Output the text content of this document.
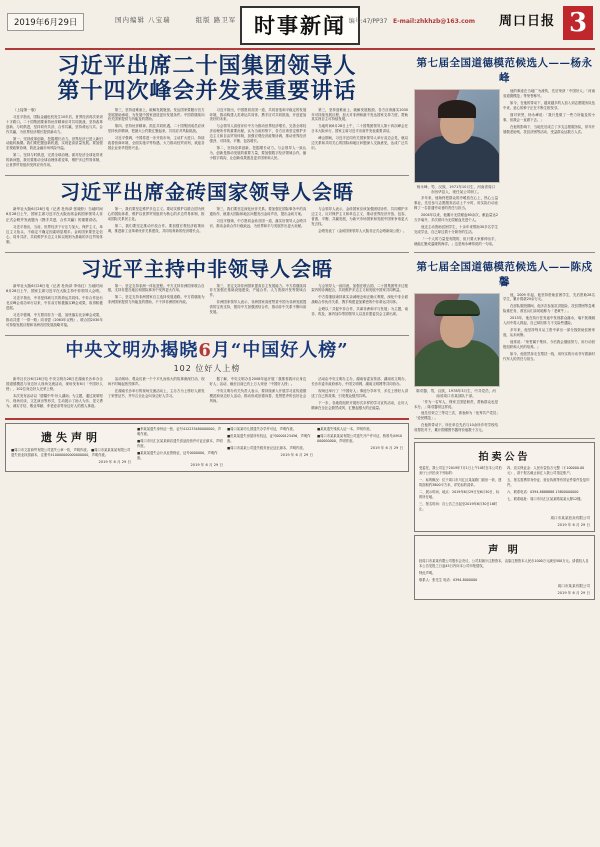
2019年6月29日	国内编辑 八宝瑞	组版 路卫军 时事新闻 编号:47/PP37 E-mail:zhkhzb@163.com 周口日报 3
习近平出席二十国集团领导人
第十四次峰会并发表重要讲话

（上接第一版）

习近平指出，国际金融危机发生10年后，世界经济再次来到十字路口。二十国集团要秉持伙伴精神应对共同挑战，坚持改革创新、与时俱进，坚持同舟共济、合作共赢，坚持命运与共、合作共赢，为世界经济增长提供新动力。

第一，坚持改革创新，挖掘增长动力。世界经济已进入新旧动能转换期。我们要把握创新机遇，实现更高质量发展。要加强宏观政策协调，防范金融市场风险外溢。

第二，坚持与时俱进，完善全球治理。面对经济全球化带来的新问题，我们要推动全球治理体系变革，维护多边贸易体制，让世界贸易组织发挥应有作用。

第三，坚持迎难而上，破解发展瓶颈。发达国家要履行官方发展援助承诺，为发展中国家创造更好发展条件。中国将继续向有关国家提供力所能及的帮助。

第四，坚持伙伴精神，抓住共同机遇。二十国集团成员应该坚持伙伴精神，把最大公约数汇聚起来，共同应对风险挑战。

习近平强调，中国将进一步开放市场、主动扩大进口、持续改善营商环境、全面实施平等待遇、大力推动经贸谈判，欢迎各国企业来华投资兴业。

习近平指出，中国愿同各国一道，共同营造和平稳定的发展环境，推动构建人类命运共同体，携手应对共同挑战，开创更加美好的未来。

与会领导人高度评价中方为推动世界经济增长、完善全球经济治理所作的重要贡献，认为当前形势下，各方应该坚定维护多边主义和自由贸易体制，加强宏观经济政策协调，推动世界经济强劲、可持续、平衡、包容增长。

第二，坚持改革创新，挖掘增长动力。与会领导人一致认为，创新是推动发展的重要力量，要加强数字经济领域合作，缩小数字鸿沟，让创新成果惠及更多国家和人民。

第三，坚持迎难而上，破解发展瓶颈。各方应该落实2030年可持续发展议程，加大对非洲和最不发达国家支持力度，帮助其实现自主可持续发展。

当地时间6月28日上午，二十国集团领导人第十四次峰会在日本大阪举行，国家主席习近平出席并发表重要讲话。

峰会期间，习近平还同有关国家领导人举行双边会见，就双边关系和共同关心的国际和地区问题深入交换意见，达成广泛共识。

习近平出席金砖国家领导人会晤

新华社大阪6月28日电（记者 杜尚泽 张晓松）当地时间6月28日上午，国家主席习近平在大阪出席金砖国家领导人非正式会晤并发表题为《携手共进，合作共赢》的重要讲话。

习近平指出，当前，世界经济下行压力加大，保护主义、单边主义抬头，不稳定不确定因素明显增多。金砖国家要坚定信心、同舟共济，共同维护多边主义和以规则为基础的多边贸易体制。

第一，我们要坚定维护多边主义。要切实维护以联合国为核心的国际体系，维护以世界贸易组织为核心的多边贸易体制，推动国际关系民主化。

第二，我们要坚定推动开放合作。要加强宏观经济政策协调，推进新工业革命伙伴关系建设，共同培育新的经济增长点。

第三，我们要坚定深化伙伴关系。要加强在国际事务中的沟通协作，就重大国际和地区问题发出金砖声音，提出金砖方案。

习近平强调，中方愿同金砖各国一道，落实好领导人会晤共识，推动金砖合作行稳致远，为世界和平与发展作出更大贡献。

与会领导人表示，金砖国家应该加强团结协作，共同维护多边主义，反对保护主义和单边主义，推动世界经济开放、包容、普惠、平衡、共赢发展，为新兴市场国家和发展中国家争取更大发言权。

会晤发表了《金砖国家领导人大阪非正式会晤新闻公报》。

习近平主持中非领导人会晤

新华社大阪6月28日电（记者 杜尚泽 李伟红）当地时间6月28日上午，国家主席习近平在大阪主持中非领导人会晤。

习近平指出，中非是休戚与共的命运共同体。中非合作论坛北京峰会成功举行以来，中非双方积极落实峰会成果，取得积极进展。

习近平强调，中方愿同非方一道，加快落实北京峰会成果，推动共建「一带一路」同非盟《2063年议程》、联合国2030年可持续发展议程和非洲各国发展战略对接。

第一，坚定支持非洲一体化进程。中方支持非洲国家联合自强，支持非盟在地区和国际事务中发挥更大作用。

第二，坚定支持非洲国家自主选择发展道路。中方将继续为非洲国家提供力所能及的帮助，不干涉非洲国家内政。

第三，坚定支持非洲国家提高自主发展能力。中方将继续同非方加强在基础设施建设、产能合作、人力资源开发等领域合作。

非洲国家领导人表示，非洲国家高度赞赏中国为非洲发展提供的宝贵支持，愿同中方加强团结合作，推动非中关系不断向前发展。

与会领导人一致同意，加强在联合国、二十国集团等多边框架内的协调配合，共同维护多边主义和发展中国家共同利益。

中方将继续秉持真实亲诚理念和正确义利观，深化中非全面战略合作伙伴关系，携手构建更加紧密的中非命运共同体。

会晤以「共促中非合作，共谋非洲和平与发展」为主题，南非、埃及、塞内加尔等国领导人以及非盟委员会主席出席。

中央文明办揭晓6月“中国好人榜”
102 位好人上榜

新华社长沙6月28日电 中央文明办28日在湖南长沙举办全国道德模范与身边好人现场交流活动，现场发布6月「中国好人榜」，102位身边好人光荣上榜。

本次发布活动以「德耀中华·好人湖南」为主题，通过视频短片、现场访谈、文艺演出等形式，生动展示了助人为乐、见义勇为、诚实守信、敬业奉献、孝老爱亲等身边好人的感人事迹。

活动现场，观众们被一个个平凡而伟大的故事深深打动，现场不时响起热烈掌声。

在湖南长沙举行的现场交流活动上，主办方为上榜好人颁发了荣誉证书，并号召全社会向身边好人学习。

据了解，中央文明办自2008年起开展「我推荐我评议身边好人」活动，截至目前已有上万人荣登「中国好人榜」。

中央文明办有关负责人表示，要持续深入开展学习宣传道德模范和身边好人活动，推动形成崇德向善、见贤思齐的良好社会风尚。

活动由中央文明办主办，湖南省委宣传部、湖南省文明办、长沙市委市政府承办，中国文明网、湖南文明网等共同协办。

现场还举行了「中国好人」事迹分享环节，多位上榜好人讲述了自己的故事，引发观众强烈共鸣。

下一步，各地将组织开展形式多样的学习宣传活动，让好人精神在全社会蔚然成风，汇聚起强大的正能量。

遗失声明
■周口市文富商贸有限公司遗失公章一枚，声明作废。 ■周口市某某某某有限公司遗失营业执照副本，注册号410000000000000000，声明作废。
2019 年 6 月 29 日

■李某某遗失身份证一张，证号412233480000000，声明作废。

■周口市川汇区某某商店遗失食品经营许可证正副本，声明作废。

■某某某遗失会计从业资格证，证号0000000，声明作废。

2019 年 6 月 29 日

■周口某某幼儿园遗失办学许可证，声明作废。

■田某某遗失房屋所有权证，证号0000123456，声明作废。

■周口市某某公司遗失税务登记证正副本，声明作废。

2019 年 6 月 29 日

■某某遗失残疾人证一本，声明作废。

■周口市某某某某有限公司遗失开户许可证，核准号J4910000000000，声明作废。

2019 年 6 月 29 日
第七届全国道德模范候选人——杨永峰
杨永峰，男，汉族，1971年10月生，河南省周口市西华县人，现任某公司职工。

多年来，他始终把群众的冷暖放在心上，热心公益事业，先后参与志愿服务活动上千小时，用实际行动诠释了一名普通劳动者的责任与担当。

2004年以来，他累计无偿献血60余次，献血量达2万多毫升，多次被评为无偿献血先进个人。

他还主动资助贫困学生，十余年来帮助30多名学生完成学业，自己却过着十分简朴的生活。

「一个人的力量是有限的，但只要大家都伸出手，就能汇聚成温暖的海洋。」这是杨永峰常说的一句话。

他的事迹在当地广为流传，先后荣获「中国好人」「河南省道德模范」等荣誉称号。

如今，在他的带动下，越来越多的人加入到志愿服务队伍中来，爱心的种子正在不断生根发芽。

面对荣誉，杨永峰说：「我只是做了一些力所能及的小事，但我会一直做下去。」

在他的影响下，当地先后成立了多支志愿服务队，常年开展敬老助残、扶贫济困等活动，受益群众达数万人次。

第七届全国道德模范候选人——陈戍馨
陈戍馨，男，汉族，1978年3月生，中共党员，河南省周口市某部队干部。

「作为一名军人，保家卫国是职责，帮助群众也是本分。」陈戍馨常这样说。

他先后荣立三等功三次，被表彰为「优秀共产党员」「爱民模范」。

在他的带动下，所在单位先后与10余所乡村学校结成帮扶对子，累计捐赠图书器材价值数十万元。

他，2009 年起，他坚持资助贫困学生，先后资助28名学生，累计捐款20余万元。

在部队服役期间，他多次参加抗洪抢险、扶贫帮困等急难险重任务，被官兵们亲切地称为「老黄牛」。

2013年，他在执行任务途中发现群众落水，毫不犹豫跳入河中将人救起，自己却因体力不支险些遇险。

多年来，他坚持每月从工资中拿出一部分钱资助贫困家庭，从未间断。

他常说：「荣誉属于集体，今后我会继续努力，用行动回报组织和人民的培养。」

如今，他依然奔走在帮扶一线，用朴实的行动书写着新时代军人的责任与担当。

拍卖公告

受委托，我公司定于2019年7月1日上午10时在本公司拍卖厅公开拍卖下列标的：

一、标的概况：位于周口市川汇区某某路门面房一套，建筑面积约3800平方米，详见标的清单。

二、展示时间、地点：2019年6月29日至6月30日，标的所在地。

三、报名时间：自公告之日起至2019年6月30日16时止。

四、竞买保证金：人民币壹拾万元整（￥100000.00元），须于报名截止前汇入我公司指定账户。

五、报名需携带身份证、营业执照等有效证件原件及复印件。

六、联系电话：0394-8888888 13800000000

七、联系地址：周口市川汇区某某路某某大厦12楼。

周口市某某拍卖有限公司
2019 年 6 月 29 日
声 明

经周口市某某有限公司股东会决议，公司拟减少注册资本，由原注册资本人民币1000万元减至500万元。请债权人自本公告见报之日起45日内向本公司申报债权。

特此声明。

联系人：张先生 电话：0394-8000000

周口市某某有限公司
2019 年 6 月 29 日
